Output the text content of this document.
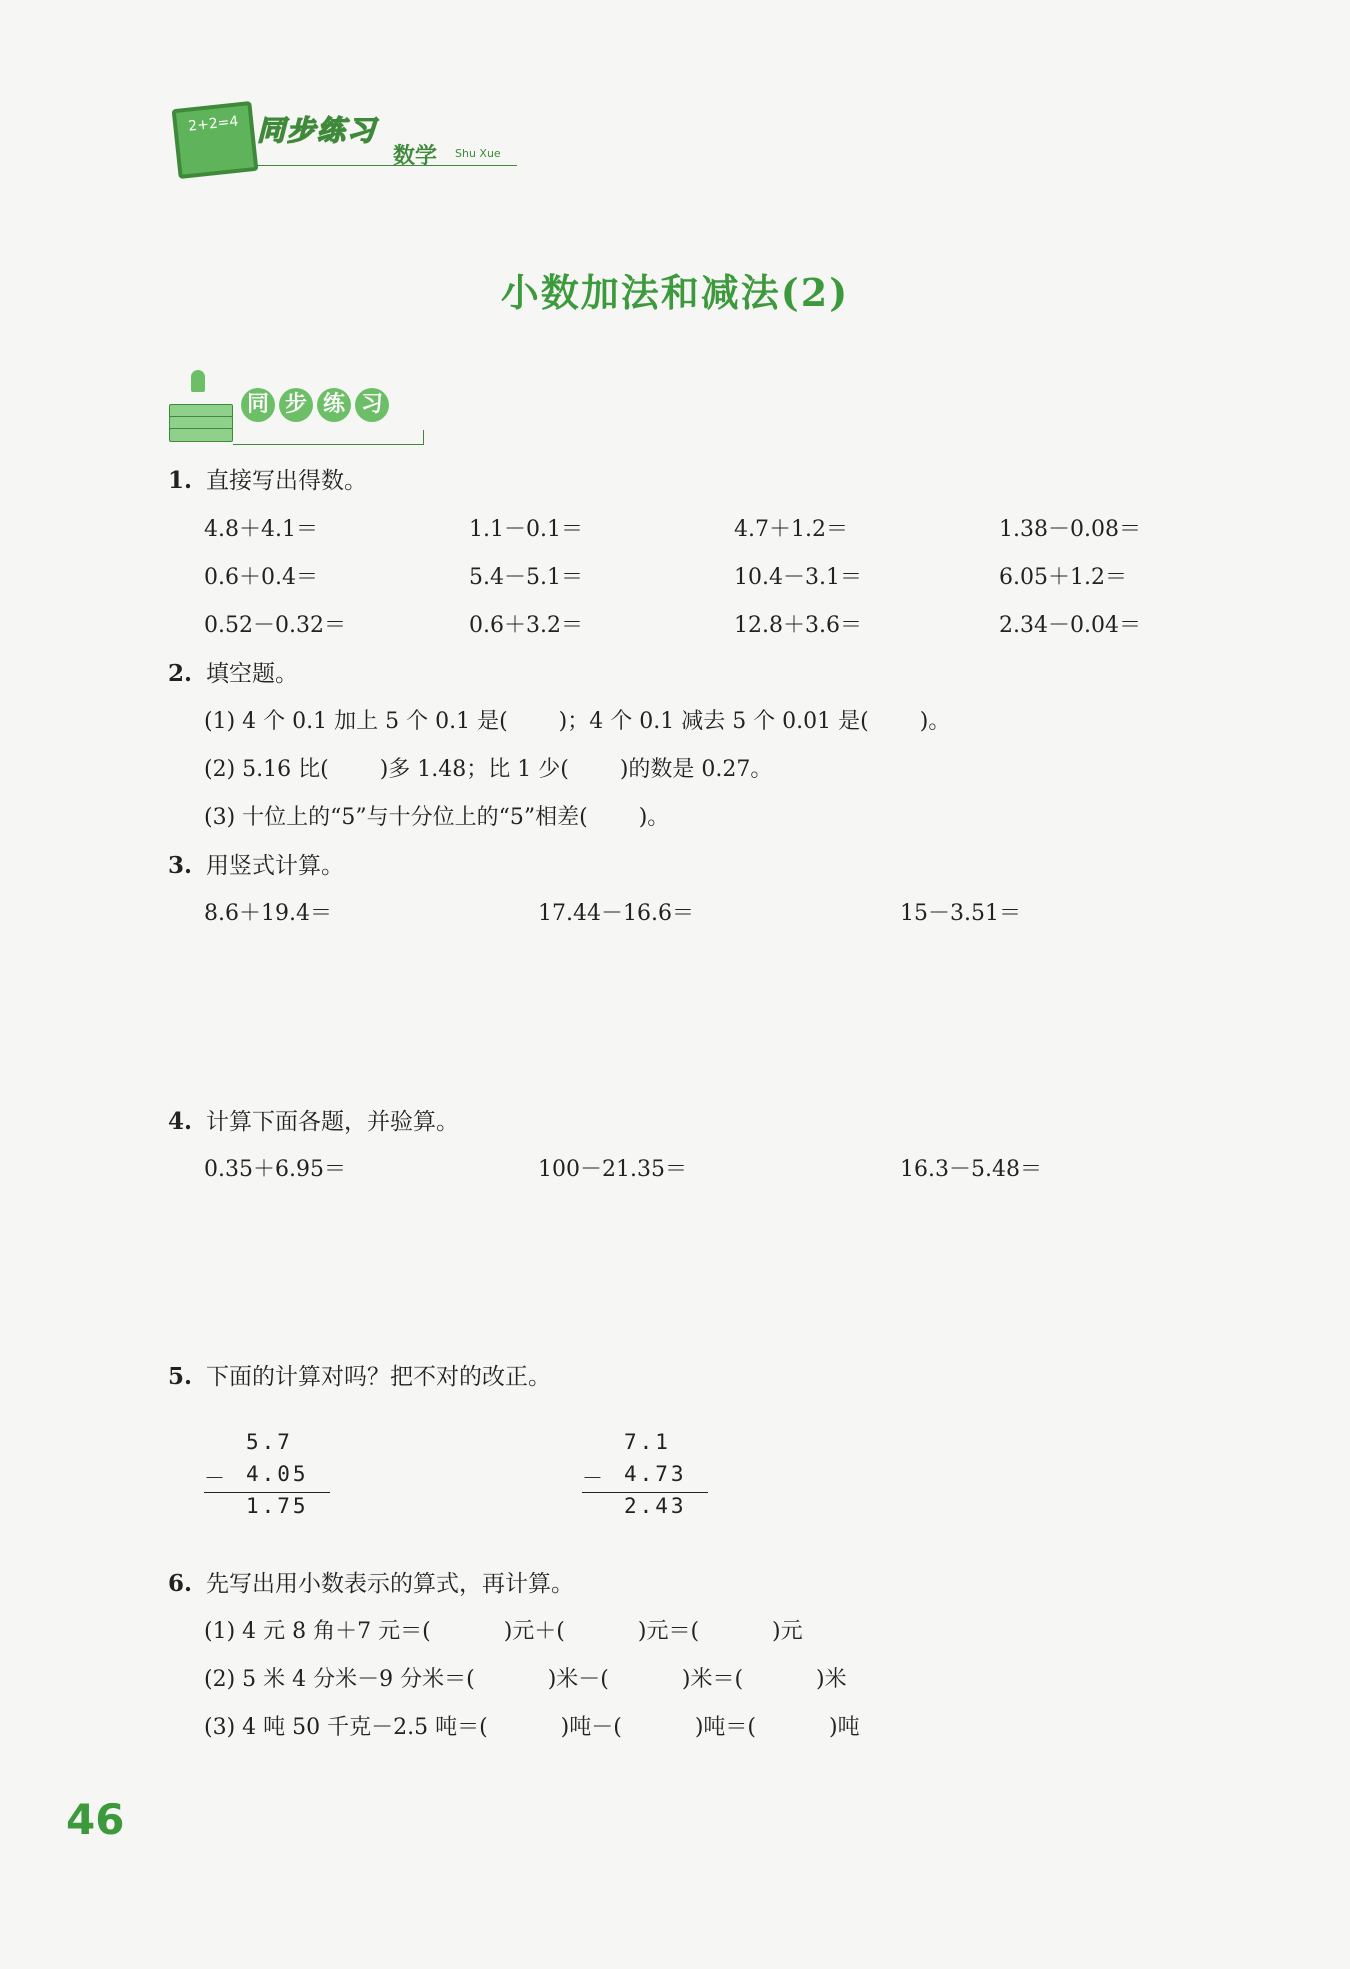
2+2=4 同步练习
数学 Shu Xue
小数加法和减法(2)
同 步 练 习
1. 直接写出得数。
4.8＋4.1＝	1.1－0.1＝	4.7＋1.2＝	1.38－0.08＝
0.6＋0.4＝	5.4－5.1＝	10.4－3.1＝	6.05＋1.2＝
0.52－0.32＝	0.6＋3.2＝	12.8＋3.6＝	2.34－0.04＝
2. 填空题。
(1) 4 个 0.1 加上 5 个 0.1 是(　　 )；4 个 0.1 减去 5 个 0.01 是(　　 )。
(2) 5.16 比(　　 )多 1.48；比 1 少(　　 )的数是 0.27。
(3) 十位上的“5”与十分位上的“5”相差(　　 )。
3. 用竖式计算。
8.6＋19.4＝	17.44－16.6＝	15－3.51＝
4. 计算下面各题，并验算。
0.35＋6.95＝	100－21.35＝	16.3－5.48＝
5. 下面的计算对吗？把不对的改正。
5.7
－ 4.05
1.75
7.1
－ 4.73
2.43
6. 先写出用小数表示的算式，再计算。
(1) 4 元 8 角＋7 元＝(　　　 )元＋(　　　 )元＝(　　　 )元
(2) 5 米 4 分米－9 分米＝(　　　 )米－(　　　 )米＝(　　　 )米
(3) 4 吨 50 千克－2.5 吨＝(　　　 )吨－(　　　 )吨＝(　　　 )吨
46
